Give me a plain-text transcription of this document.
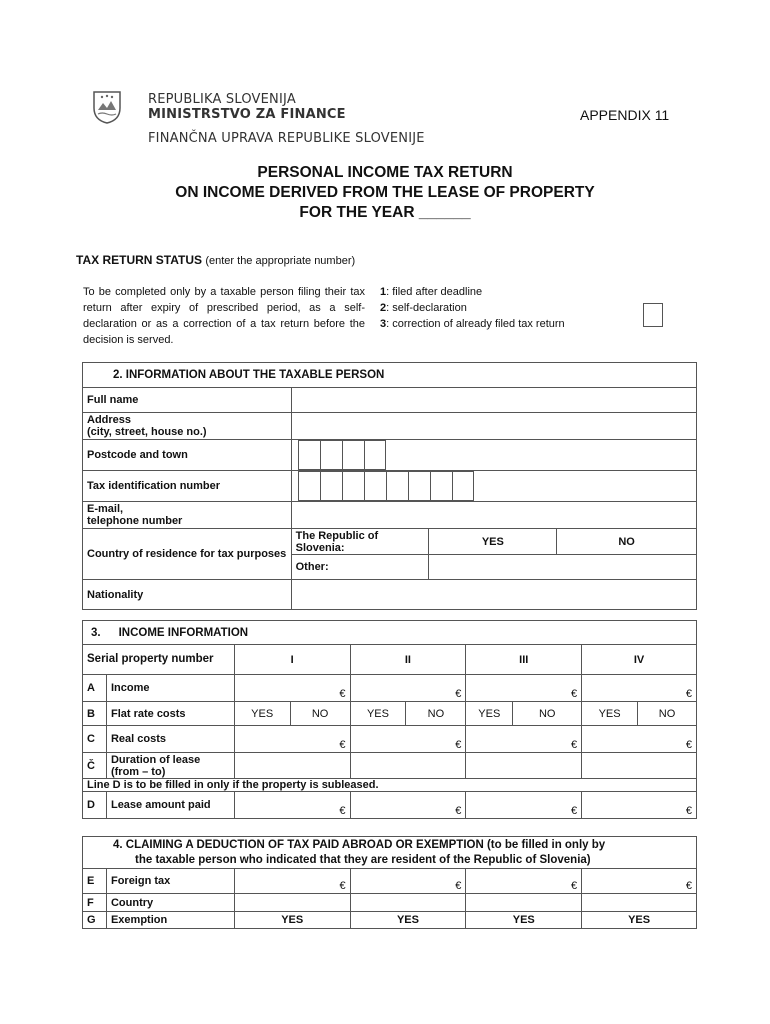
REPUBLIKA SLOVENIJA
MINISTRSTVO ZA FINANCE
FINANČNA UPRAVA REPUBLIKE SLOVENIJE
APPENDIX 11
PERSONAL INCOME TAX RETURN
ON INCOME DERIVED FROM THE LEASE OF PROPERTY
FOR THE YEAR ______
TAX RETURN STATUS (enter the appropriate number)
To be completed only by a taxable person filing their tax return after expiry of prescribed period, as a self-declaration or as a correction of a tax return before the decision is served.
1: filed after deadline
2: self-declaration
3: correction of already filed tax return
2. INFORMATION ABOUT THE TAXABLE PERSON			
Full name			

Address
(city, street, house no.)			

Postcode and town			

Tax identification number			

E-mail,
telephone number			

Country of residence for tax purposes	The Republic of Slovenia:	YES	NO
	Other:		
Nationality			
3. INCOME INFORMATION									
Serial property number		I		II		III		IV	
A	Income	€		€		€		€	
B	Flat rate costs	YES	NO	YES	NO	YES	NO	YES	NO
C	Real costs	€		€		€		€	
Č	Duration of lease
(from – to)								

Line D is to be filled in only if the property is subleased.									
D	Lease amount paid	€		€		€		€	
4. CLAIMING A DEDUCTION OF TAX PAID ABROAD OR EXEMPTION (to be filled in only by
the taxable person who indicated that they are resident of the Republic of Slovenia)					

E	Foreign tax	€	€	€	€
F	Country				
G	Exemption	YES	YES	YES	YES
